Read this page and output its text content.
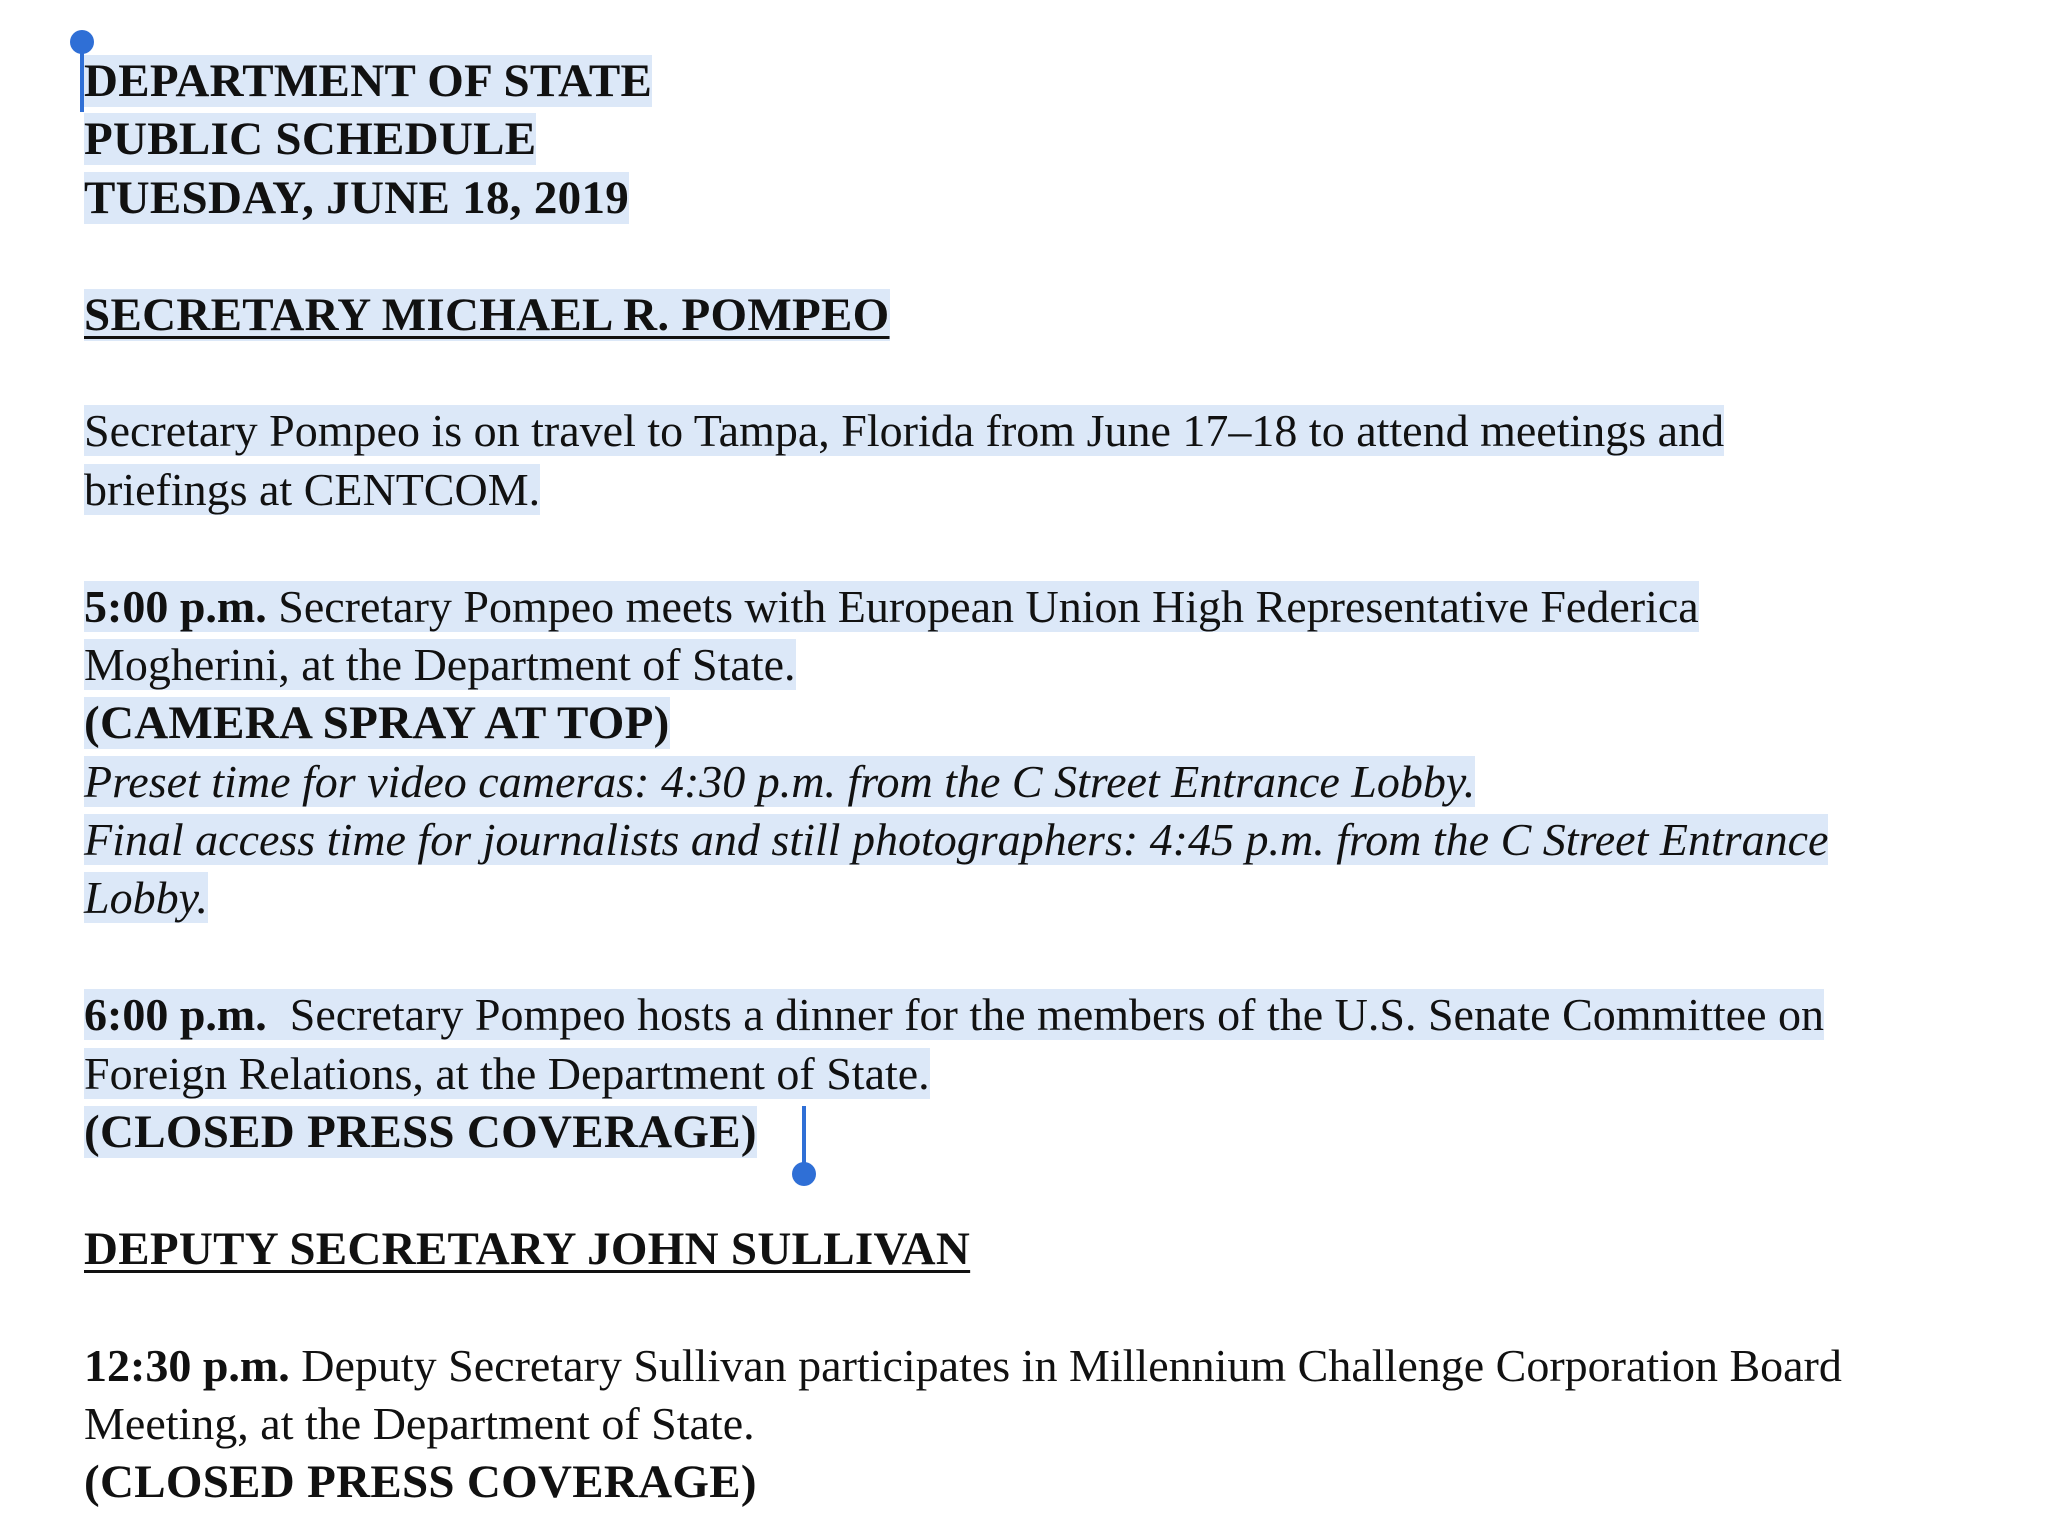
DEPARTMENT OF STATE
PUBLIC SCHEDULE
TUESDAY, JUNE 18, 2019
SECRETARY MICHAEL R. POMPEO
Secretary Pompeo is on travel to Tampa, Florida from June 17–18 to attend meetings and
briefings at CENTCOM.
5:00 p.m. Secretary Pompeo meets with European Union High Representative Federica
Mogherini, at the Department of State.
(CAMERA SPRAY AT TOP)
Preset time for video cameras: 4:30 p.m. from the C Street Entrance Lobby.
Final access time for journalists and still photographers: 4:45 p.m. from the C Street Entrance
Lobby.
6:00 p.m.  Secretary Pompeo hosts a dinner for the members of the U.S. Senate Committee on
Foreign Relations, at the Department of State.
(CLOSED PRESS COVERAGE)
DEPUTY SECRETARY JOHN SULLIVAN
12:30 p.m. Deputy Secretary Sullivan participates in Millennium Challenge Corporation Board
Meeting, at the Department of State.
(CLOSED PRESS COVERAGE)
